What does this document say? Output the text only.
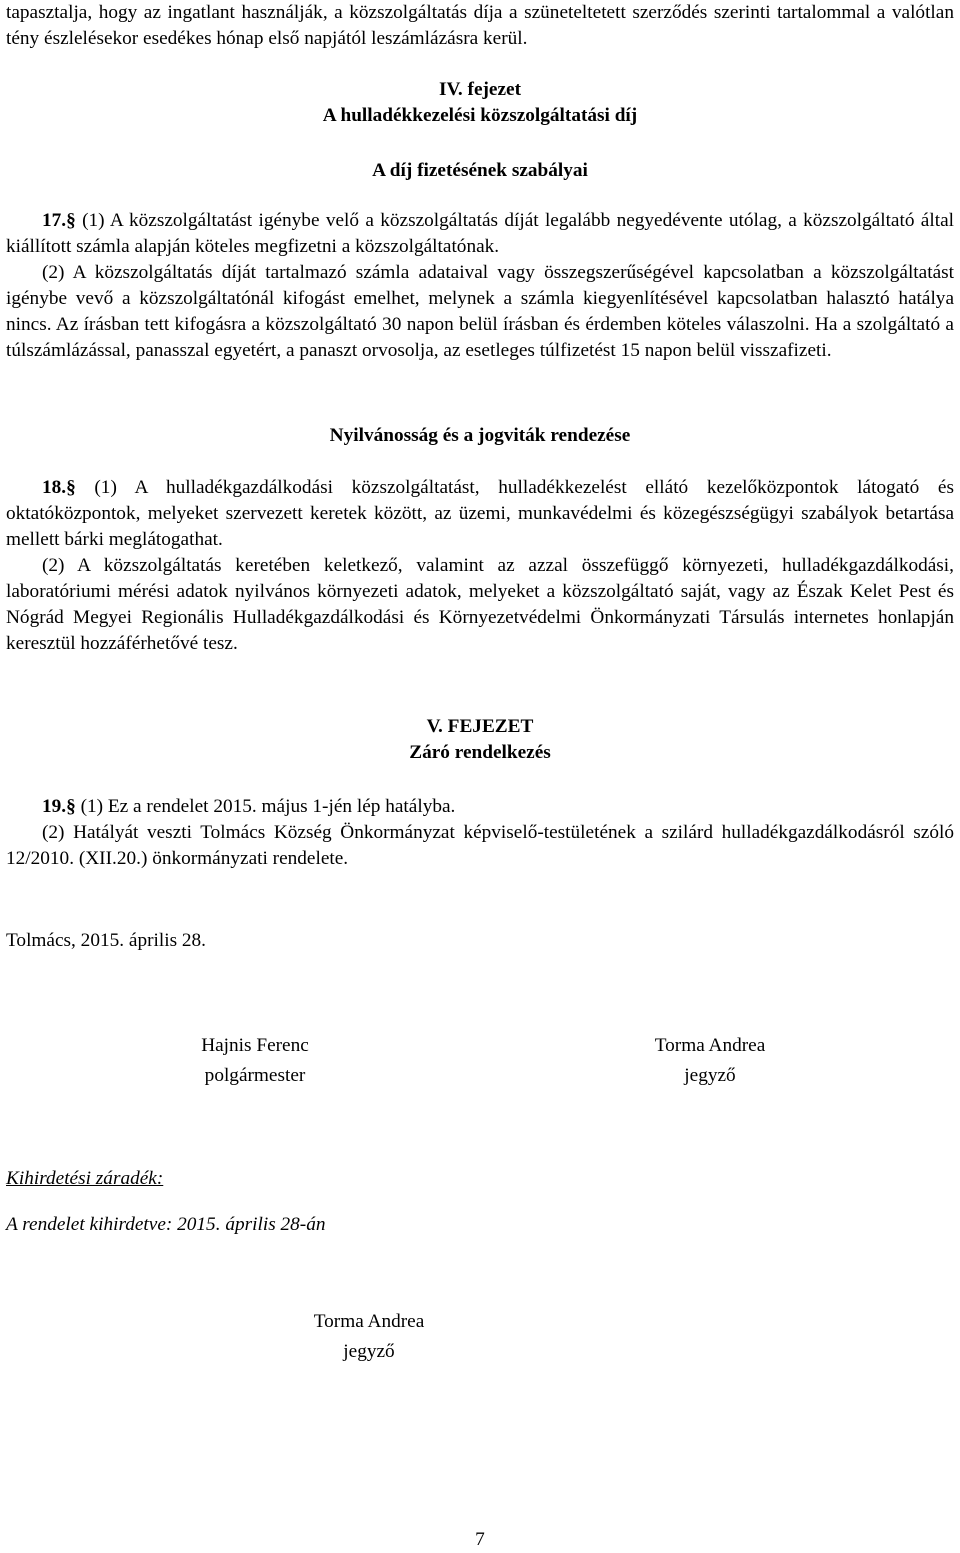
tapasztalja, hogy az ingatlant használják, a közszolgáltatás díja a szüneteltetett szerződés szerinti tartalommal a valótlan tény észlelésekor esedékes hónap első napjától leszámlázásra kerül.

IV. fejezet

A hulladékkezelési közszolgáltatási díj

A díj fizetésének szabályai

17.§ (1) A közszolgáltatást igénybe velő a közszolgáltatás díját legalább negyedévente utólag, a közszolgáltató által kiállított számla alapján köteles megfizetni a közszolgáltatónak.

(2) A közszolgáltatás díját tartalmazó számla adataival vagy összegszerűségével kapcsolatban a közszolgáltatást igénybe vevő a közszolgáltatónál kifogást emelhet, melynek a számla kiegyenlítésével kapcsolatban halasztó hatálya nincs. Az írásban tett kifogásra a közszolgáltató 30 napon belül írásban és érdemben köteles válaszolni. Ha a szolgáltató a túlszámlázással, panasszal egyetért, a panaszt orvosolja, az esetleges túlfizetést 15 napon belül visszafizeti.

Nyilvánosság és a jogviták rendezése

18.§ (1) A hulladékgazdálkodási közszolgáltatást, hulladékkezelést ellátó kezelőközpontok látogató és oktatóközpontok, melyeket szervezett keretek között, az üzemi, munkavédelmi és közegészségügyi szabályok betartása mellett bárki meglátogathat.

(2) A közszolgáltatás keretében keletkező, valamint az azzal összefüggő környezeti, hulladékgazdálkodási, laboratóriumi mérési adatok nyilvános környezeti adatok, melyeket a közszolgáltató saját, vagy az Észak Kelet Pest és Nógrád Megyei Regionális Hulladékgazdálkodási és Környezetvédelmi Önkormányzati Társulás internetes honlapján keresztül hozzáférhetővé tesz.

V. FEJEZET

Záró rendelkezés

19.§ (1) Ez a rendelet 2015. május 1-jén lép hatályba.

(2) Hatályát veszti Tolmács Község Önkormányzat képviselő-testületének a szilárd hulladékgazdálkodásról szóló 12/2010. (XII.20.) önkormányzati rendelete.

Tolmács, 2015. április 28.

Hajnis Ferenc
polgármester
Torma Andrea
jegyző

Kihirdetési záradék:

A rendelet kihirdetve: 2015. április 28-án

Torma Andrea
jegyző

7
